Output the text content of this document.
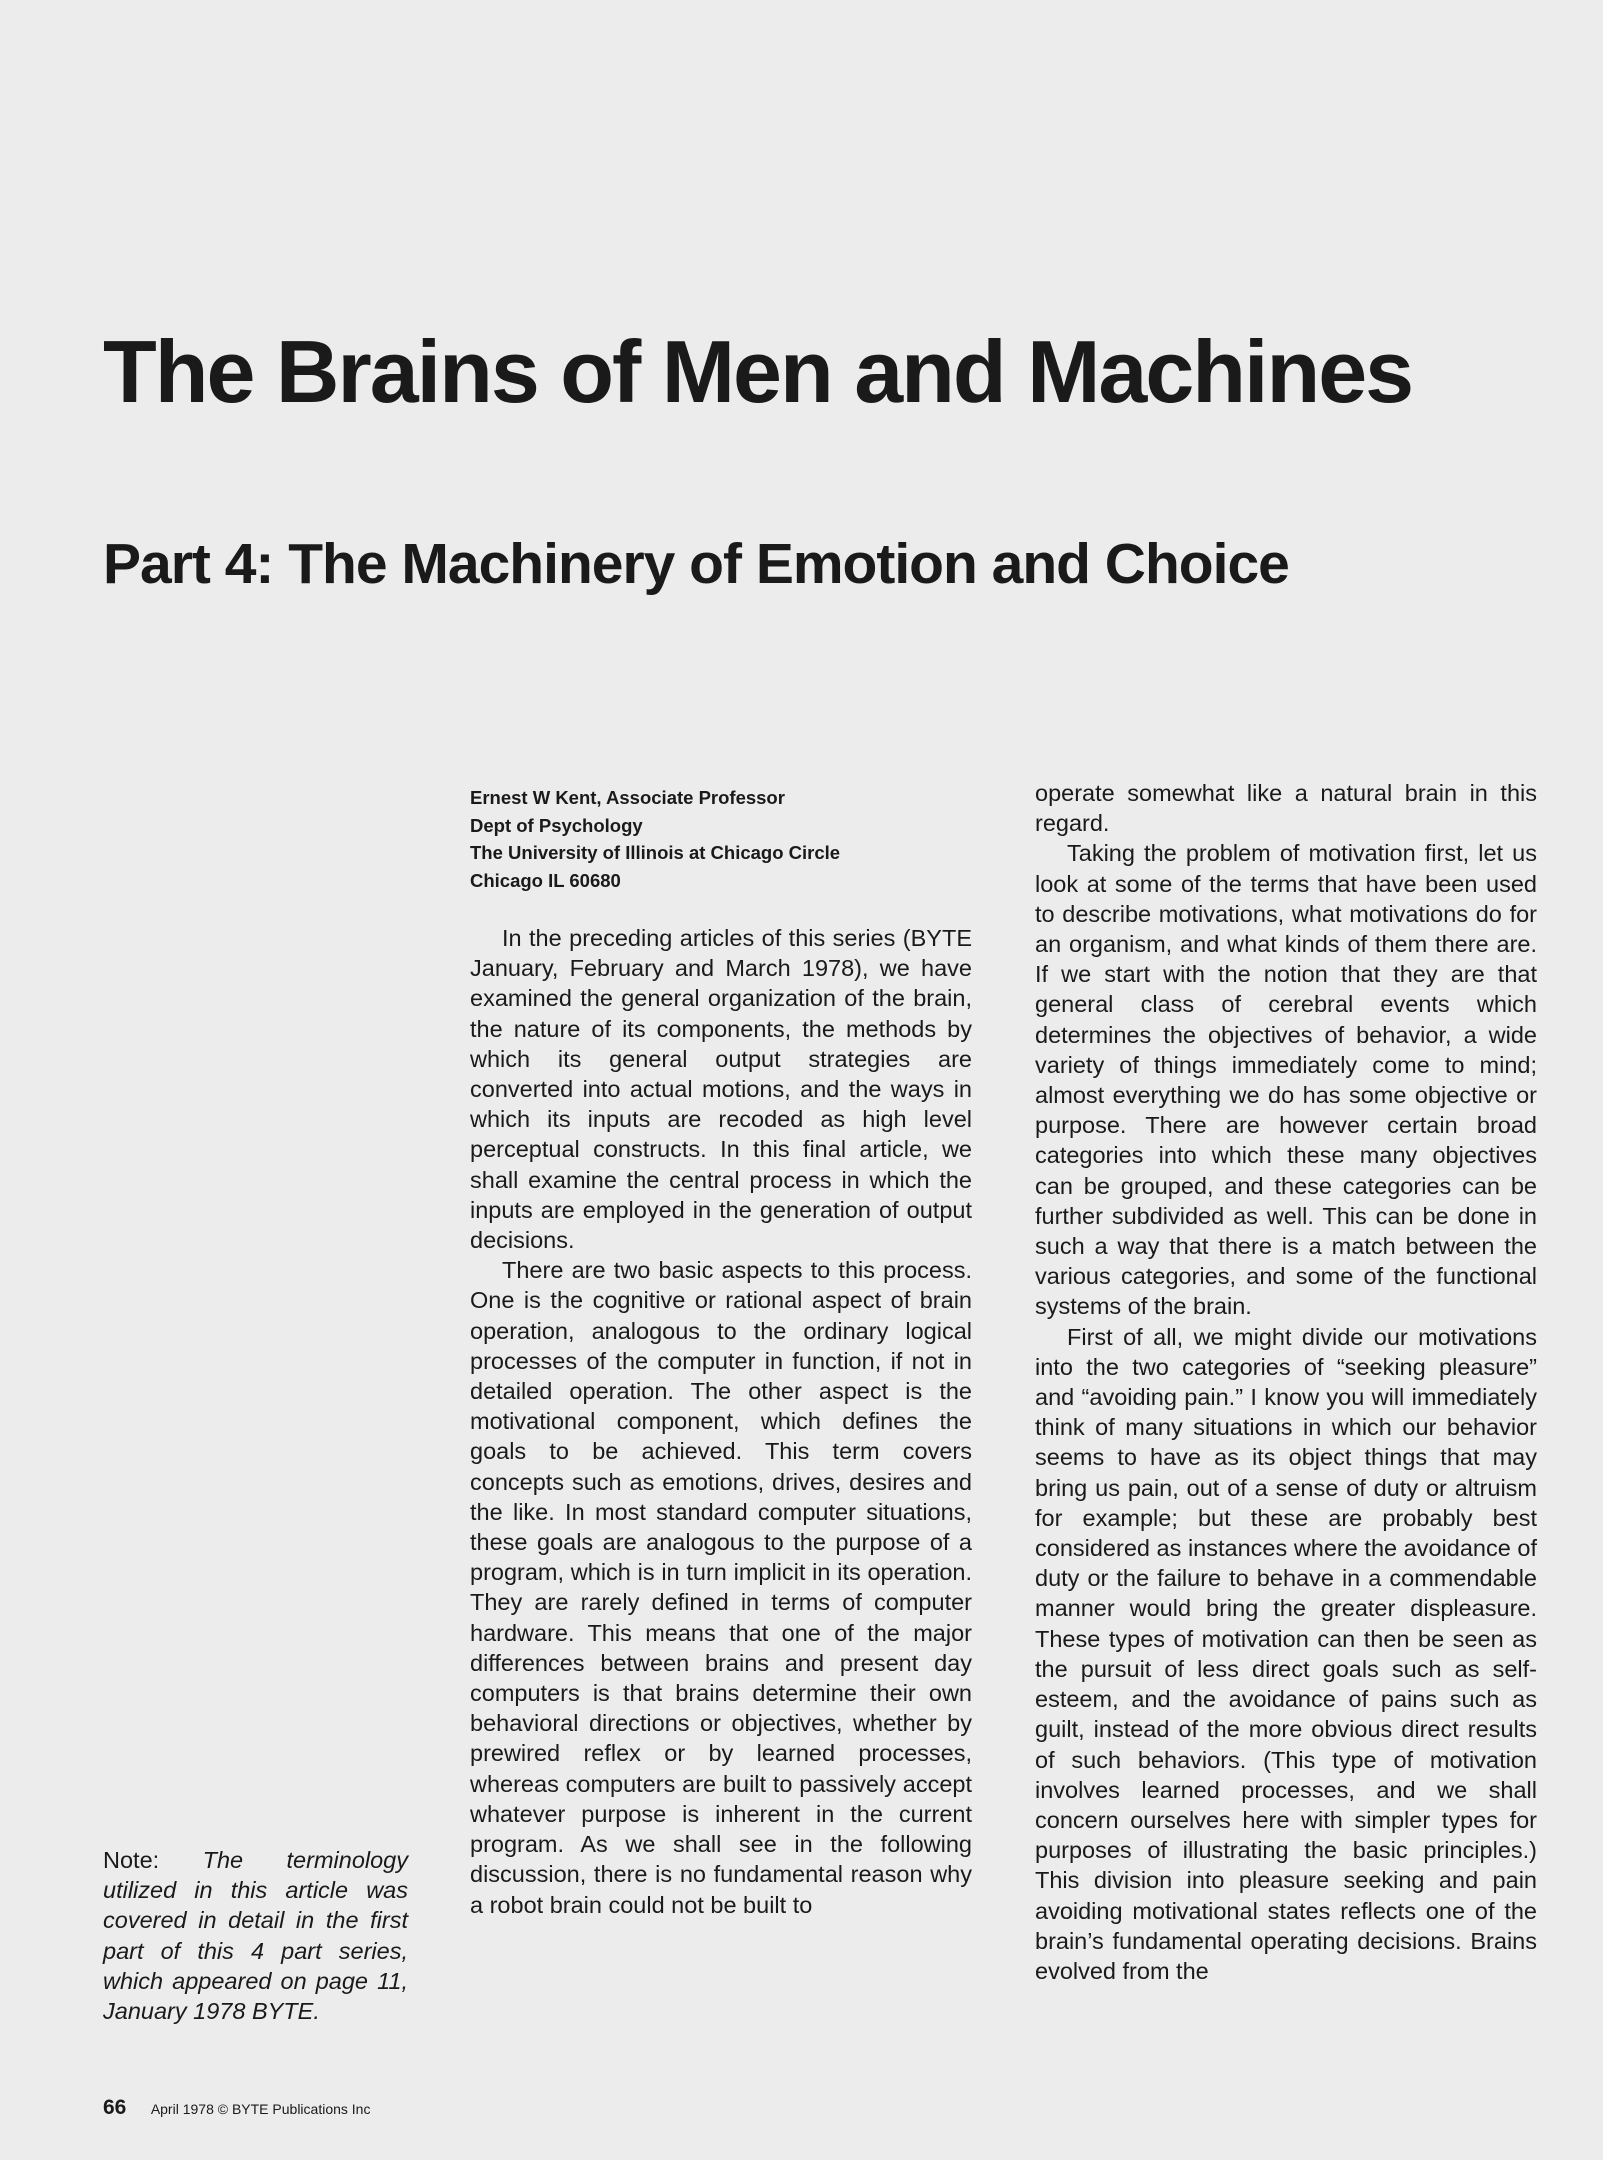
The Brains of Men and Machines
Part 4: The Machinery of Emotion and Choice
Ernest W Kent, Associate Professor
Dept of Psychology
The University of Illinois at Chicago Circle
Chicago IL 60680

In the preceding articles of this series (BYTE January, February and March 1978), we have examined the general organization of the brain, the nature of its components, the methods by which its general output strategies are converted into actual motions, and the ways in which its inputs are recoded as high level perceptual constructs. In this final article, we shall examine the central process in which the inputs are employed in the generation of output decisions.

There are two basic aspects to this process. One is the cognitive or rational aspect of brain operation, analogous to the ordinary logical processes of the computer in function, if not in detailed operation. The other aspect is the motivational component, which defines the goals to be achieved. This term covers concepts such as emotions, drives, desires and the like. In most standard computer situations, these goals are analogous to the purpose of a program, which is in turn implicit in its operation. They are rarely defined in terms of computer hardware. This means that one of the major differences between brains and present day computers is that brains determine their own behavioral directions or objectives, whether by prewired reflex or by learned processes, whereas computers are built to passively accept whatever purpose is inherent in the current program. As we shall see in the following discussion, there is no fundamental reason why a robot brain could not be built to

operate somewhat like a natural brain in this regard.

Taking the problem of motivation first, let us look at some of the terms that have been used to describe motivations, what motivations do for an organism, and what kinds of them there are. If we start with the notion that they are that general class of cerebral events which determines the objectives of behavior, a wide variety of things immediately come to mind; almost everything we do has some objective or purpose. There are however certain broad categories into which these many objectives can be grouped, and these categories can be further subdivided as well. This can be done in such a way that there is a match between the various categories, and some of the functional systems of the brain.

First of all, we might divide our motivations into the two categories of “seeking pleasure” and “avoiding pain.” I know you will immediately think of many situations in which our behavior seems to have as its object things that may bring us pain, out of a sense of duty or altruism for example; but these are probably best considered as instances where the avoidance of duty or the failure to behave in a commendable manner would bring the greater displeasure. These types of motivation can then be seen as the pursuit of less direct goals such as self-esteem, and the avoidance of pains such as guilt, instead of the more obvious direct results of such behaviors. (This type of motivation involves learned processes, and we shall concern ourselves here with simpler types for purposes of illustrating the basic principles.) This division into pleasure seeking and pain avoiding motivational states reflects one of the brain’s fundamental operating decisions. Brains evolved from the

Note: The terminology utilized in this article was covered in detail in the first part of this 4 part series, which appeared on page 11, January 1978 BYTE.
66 April 1978 © BYTE Publications Inc
